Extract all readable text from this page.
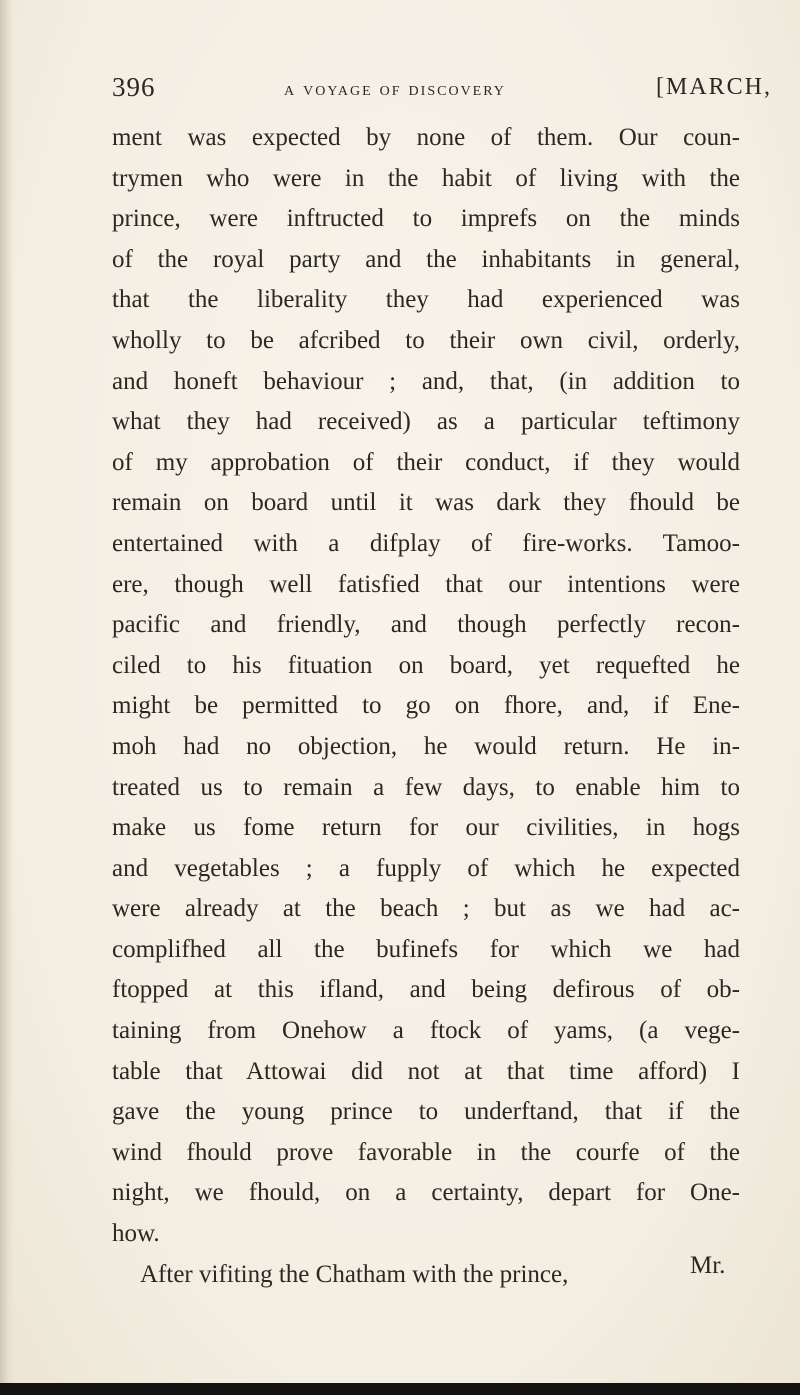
396	a voyage of discovery	[MARCH,
ment was expected by none of them. Our coun-
trymen who were in the habit of living with the
prince, were inftructed to imprefs on the minds
of the royal party and the inhabitants in general,
that the liberality they had experienced was
wholly to be afcribed to their own civil, orderly,
and honeft behaviour ; and, that, (in addition to
what they had received) as a particular teftimony
of my approbation of their conduct, if they would
remain on board until it was dark they fhould be
entertained with a difplay of fire-works. Tamoo-
ere, though well fatisfied that our intentions were
pacific and friendly, and though perfectly recon-
ciled to his fituation on board, yet requefted he
might be permitted to go on fhore, and, if Ene-
moh had no objection, he would return. He in-
treated us to remain a few days, to enable him to
make us fome return for our civilities, in hogs
and vegetables ; a fupply of which he expected
were already at the beach ; but as we had ac-
complifhed all the bufinefs for which we had
ftopped at this ifland, and being defirous of ob-
taining from Onehow a ftock of yams, (a vege-
table that Attowai did not at that time afford) I
gave the young prince to underftand, that if the
wind fhould prove favorable in the courfe of the
night, we fhould, on a certainty, depart for One-
how.
After vifiting the Chatham with the prince,	Mr.
